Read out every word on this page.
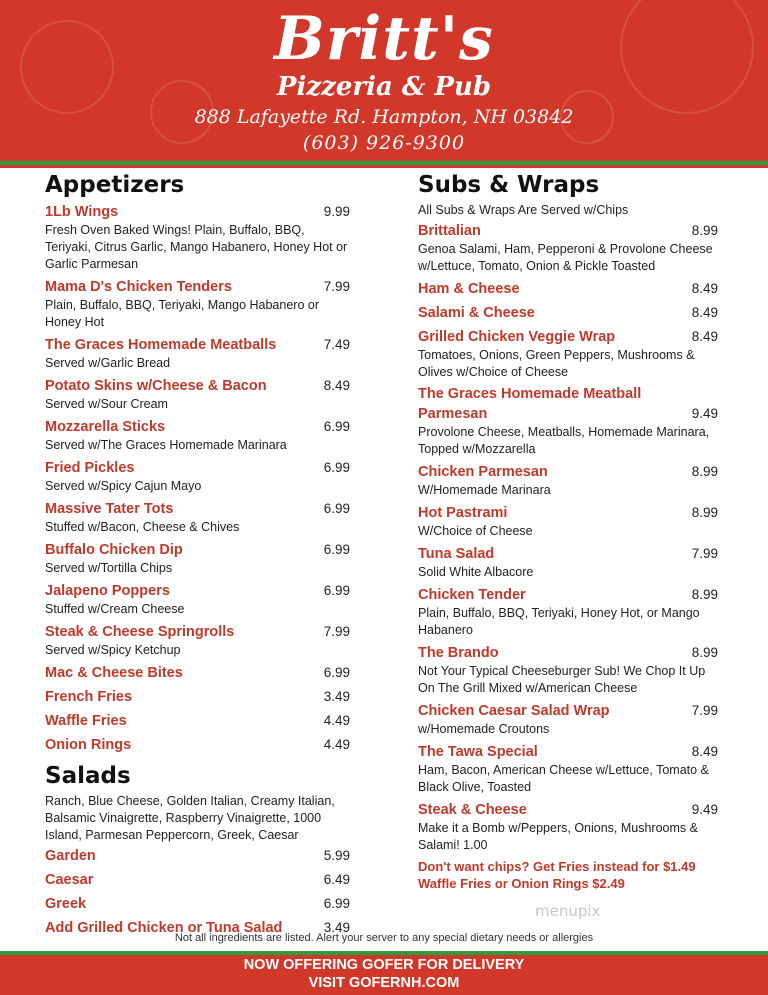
Britt's
Pizzeria & Pub
888 Lafayette Rd. Hampton, NH 03842
(603) 926-9300
Appetizers
1Lb Wings	9.99
Fresh Oven Baked Wings! Plain, Buffalo, BBQ, Teriyaki, Citrus Garlic, Mango Habanero, Honey Hot or Garlic Parmesan
Mama D's Chicken Tenders	7.99
Plain, Buffalo, BBQ, Teriyaki, Mango Habanero or Honey Hot
The Graces Homemade Meatballs	7.49
Served w/Garlic Bread
Potato Skins w/Cheese & Bacon	8.49
Served w/Sour Cream
Mozzarella Sticks	6.99
Served w/The Graces Homemade Marinara
Fried Pickles	6.99
Served w/Spicy Cajun Mayo
Massive Tater Tots	6.99
Stuffed w/Bacon, Cheese & Chives
Buffalo Chicken Dip	6.99
Served w/Tortilla Chips
Jalapeno Poppers	6.99
Stuffed w/Cream Cheese
Steak & Cheese Springrolls	7.99
Served w/Spicy Ketchup
Mac & Cheese Bites	6.99
French Fries	3.49
Waffle Fries	4.49
Onion Rings	4.49
Salads
Ranch, Blue Cheese, Golden Italian, Creamy Italian, Balsamic Vinaigrette, Raspberry Vinaigrette, 1000 Island, Parmesan Peppercorn, Greek, Caesar
Garden	5.99
Caesar	6.49
Greek	6.99
Add Grilled Chicken or Tuna Salad	3.49
Subs & Wraps
All Subs & Wraps Are Served w/Chips
Brittalian	8.99
Genoa Salami, Ham, Pepperoni & Provolone Cheese w/Lettuce, Tomato, Onion & Pickle Toasted
Ham & Cheese	8.49
Salami & Cheese	8.49
Grilled Chicken Veggie Wrap	8.49
Tomatoes, Onions, Green Peppers, Mushrooms & Olives w/Choice of Cheese
The Graces Homemade Meatball
Parmesan	9.49
Provolone Cheese, Meatballs, Homemade Marinara, Topped w/Mozzarella
Chicken Parmesan	8.99
W/Homemade Marinara
Hot Pastrami	8.99
W/Choice of Cheese
Tuna Salad	7.99
Solid White Albacore
Chicken Tender	8.99
Plain, Buffalo, BBQ, Teriyaki, Honey Hot, or Mango Habanero
The Brando	8.99
Not Your Typical Cheeseburger Sub! We Chop It Up On The Grill Mixed w/American Cheese
Chicken Caesar Salad Wrap	7.99
w/Homemade Croutons
The Tawa Special	8.49
Ham, Bacon, American Cheese w/Lettuce, Tomato & Black Olive, Toasted
Steak & Cheese	9.49
Make it a Bomb w/Peppers, Onions, Mushrooms & Salami! 1.00
Don't want chips? Get Fries instead for $1.49 Waffle Fries or Onion Rings $2.49
menupix
Not all ingredients are listed. Alert your server to any special dietary needs or allergies
NOW OFFERING GOFER FOR DELIVERY
VISIT GOFERNH.COM
